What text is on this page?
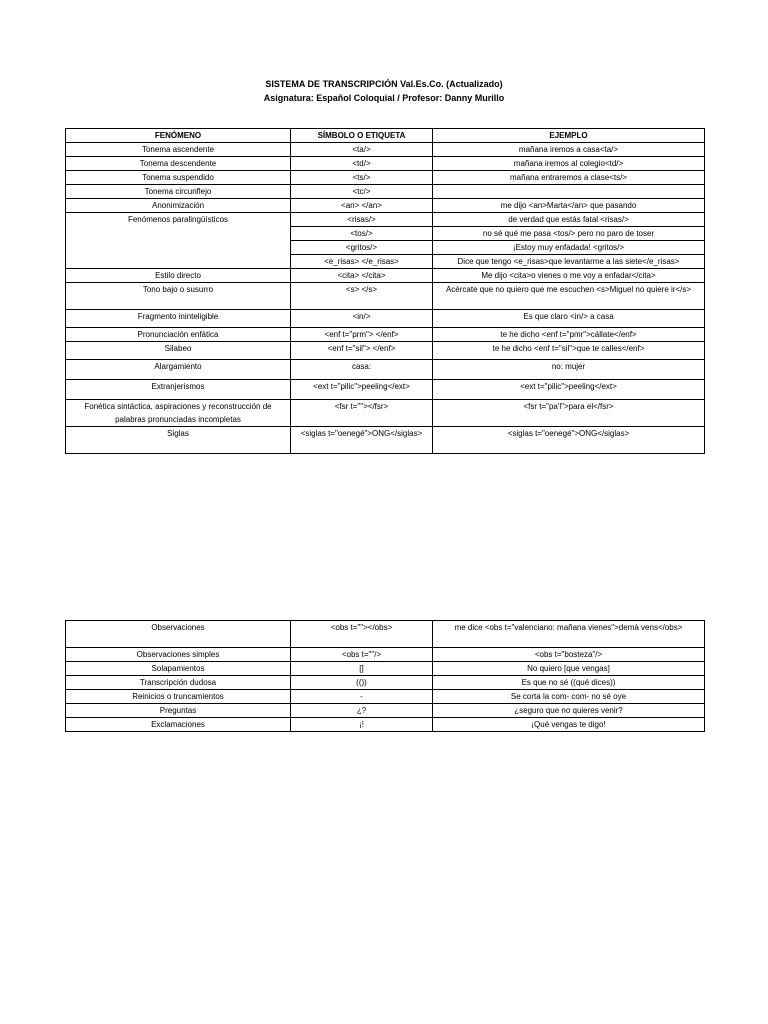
SISTEMA DE TRANSCRIPCIÓN Val.Es.Co. (Actualizado)
Asignatura: Español Coloquial / Profesor: Danny Murillo
FENÓMENO	SÍMBOLO O ETIQUETA	EJEMPLO
Tonema ascendente	<ta/>	mañana iremos a casa<ta/>
Tonema descendente	<td/>	mañana iremos al colegio<td/>
Tonema suspendido	<ts/>	mañana entraremos a clase<ts/>
Tonema circunflejo	<tc/>	
Anonimización	<an> </an>	me dijo <an>Marta</an> que pasando
Fenómenos paralingüísticos	<risas/>	de verdad que estás fatal <risas/>
	<tos/>	no sé qué me pasa <tos/> pero no paro de toser
	<gritos/>	¡Estoy muy enfadada! <gritos/>
	<e_risas> </e_risas>	Dice que tengo <e_risas>que levantarme a las siete</e_risas>
Estilo directo	<cita> </cita>	Me dijo <cita>o vienes o me voy a enfadar</cita>
Tono bajo o susurro	<s> </s>	Acércate que no quiero que me escuchen <s>Miguel no quiere ir</s>
Fragmento ininteligible	<in/>	Es que claro <in/> a casa
Pronunciación enfática	<enf t="prm"> </enf>	te he dicho <enf t="pmr">cállate</enf>
Silabeo	<enf t="sil"> </enf>	te he dicho <enf t="sil">que te calles</enf>
Alargamiento	casa:	no: mujer
Extranjerismos	<ext t="pilic">peeling</ext>	<ext t="pilic">peeling</ext>
Fonética sintáctica, aspiraciones y reconstrucción de palabras pronunciadas incompletas	<fsr t=""></fsr>	<fsr t="pa'l">para el</fsr>
Siglas	<siglas t="oenegé">ONG</siglas>	<siglas t="oenegé">ONG</siglas>
Observaciones	<obs t=""></obs>	me dice <obs t="valenciano: mañana vienes">demà vens</obs>
Observaciones simples	<obs t=""/>	<obs t="bosteza"/>
Solapamientos	[]	No quiero [que vengas]
Transcripción dudosa	(())	Es que no sé ((qué dices))
Reinicios o truncamientos	-	Se corta la com- com- no sé oye
Preguntas	¿?	¿seguro que no quieres venir?
Exclamaciones	¡!	¡Qué vengas te digo!
